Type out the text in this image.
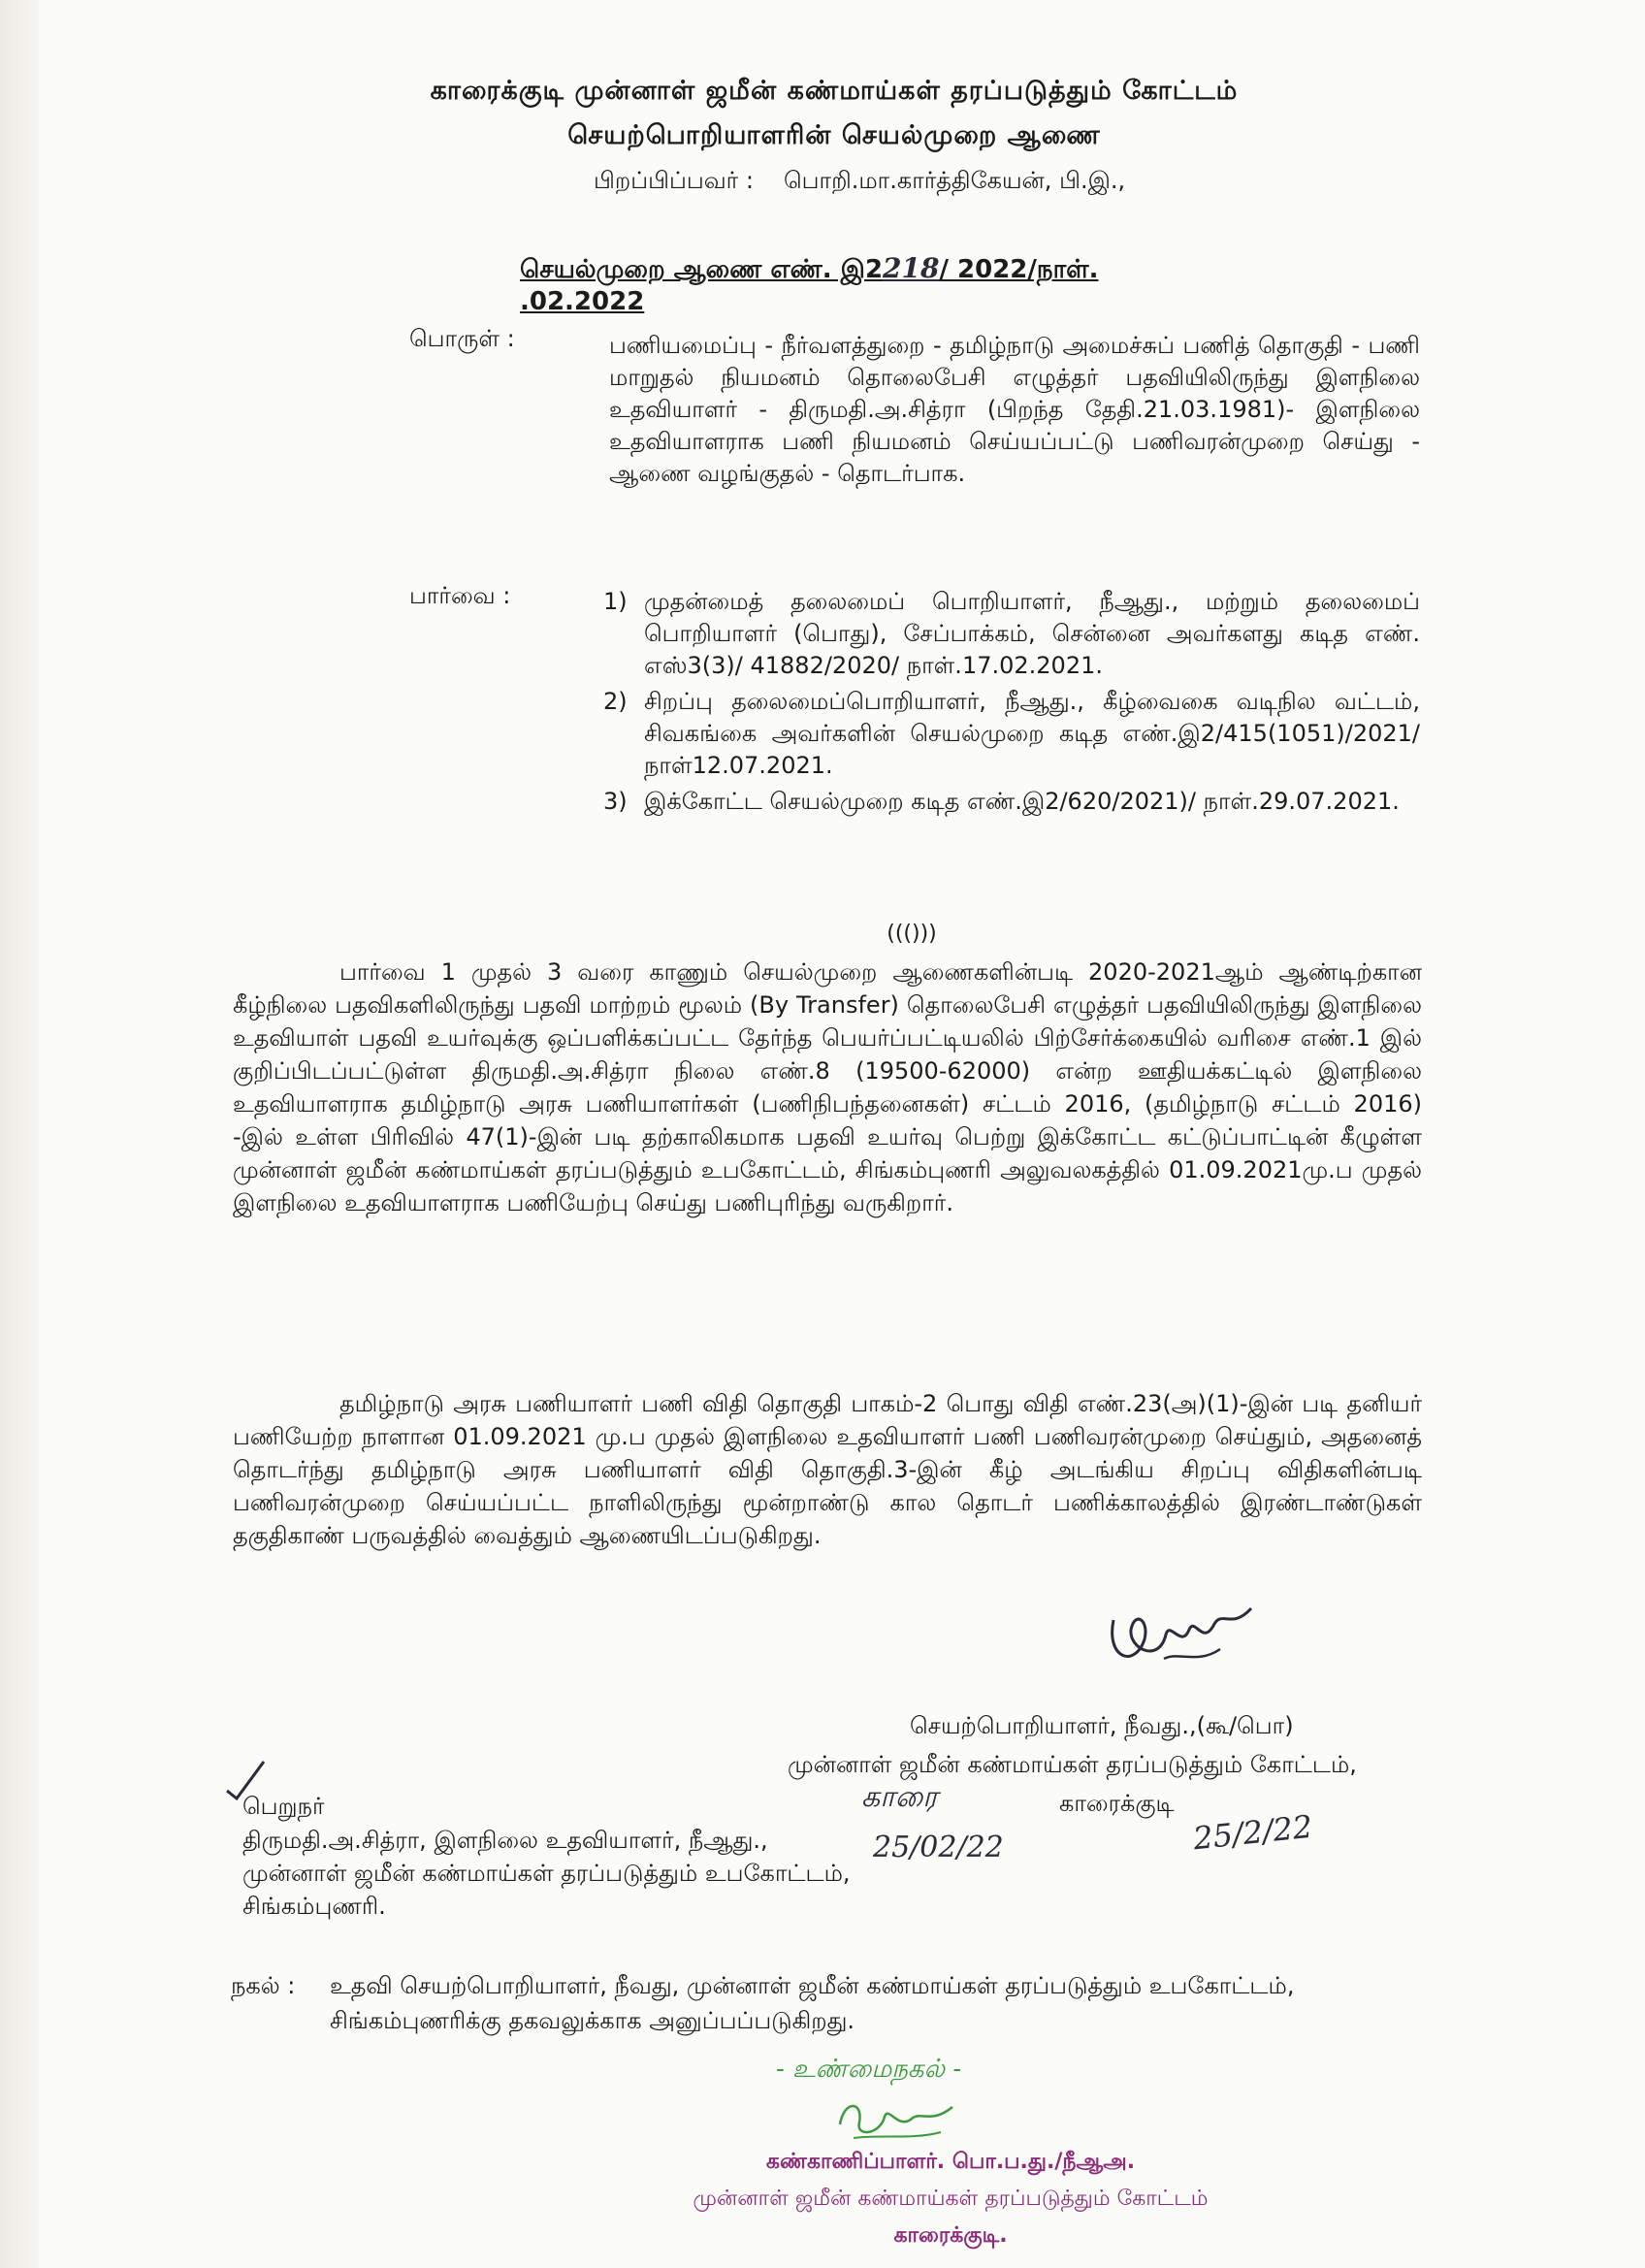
காரைக்குடி முன்னாள் ஜமீன் கண்மாய்கள் தரப்படுத்தும் கோட்டம்
செயற்பொறியாளரின் செயல்முறை ஆணை
பிறப்பிப்பவர் : பொறி.மா.கார்த்திகேயன், பி.இ.,
செயல்முறை ஆணை எண். இ2218/ 2022/நாள்.  .02.2022
பொருள் :	பணியமைப்பு - நீர்வளத்துறை - தமிழ்நாடு அமைச்சுப் பணித் தொகுதி - பணி மாறுதல் நியமனம் தொலைபேசி எழுத்தர் பதவியிலிருந்து இளநிலை உதவியாளர் - திருமதி.அ.சித்ரா (பிறந்த தேதி.21.03.1981)- இளநிலை உதவியாளராக பணி நியமனம் செய்யப்பட்டு பணிவரன்முறை செய்து - ஆணை வழங்குதல் - தொடர்பாக.
பார்வை :	1) முதன்மைத் தலைமைப் பொறியாளர், நீஆது., மற்றும் தலைமைப் பொறியாளர் (பொது), சேப்பாக்கம், சென்னை அவர்களது கடித எண். எஸ்3(3)/ 41882/2020/ நாள்.17.02.2021.
2) சிறப்பு தலைமைப்பொறியாளர், நீஆது., கீழ்வைகை வடிநில வட்டம், சிவகங்கை அவர்களின் செயல்முறை கடித எண்.இ2/415(1051)/2021/நாள்12.07.2021.
3) இக்கோட்ட செயல்முறை கடித எண்.இ2/620/2021)/ நாள்.29.07.2021.
((()))
பார்வை 1 முதல் 3 வரை காணும் செயல்முறை ஆணைகளின்படி 2020-2021ஆம் ஆண்டிற்கான கீழ்நிலை பதவிகளிலிருந்து பதவி மாற்றம் மூலம் (By Transfer) தொலைபேசி எழுத்தர் பதவியிலிருந்து இளநிலை உதவியாள் பதவி உயர்வுக்கு ஒப்பளிக்கப்பட்ட தேர்ந்த பெயர்ப்பட்டியலில் பிற்சேர்க்கையில் வரிசை எண்.1 இல் குறிப்பிடப்பட்டுள்ள திருமதி.அ.சித்ரா நிலை எண்.8 (19500-62000) என்ற ஊதியக்கட்டில் இளநிலை உதவியாளராக தமிழ்நாடு அரசு பணியாளர்கள் (பணிநிபந்தனைகள்) சட்டம் 2016, (தமிழ்நாடு சட்டம் 2016) -இல் உள்ள பிரிவில் 47(1)-இன் படி தற்காலிகமாக பதவி உயர்வு பெற்று இக்கோட்ட கட்டுப்பாட்டின் கீழுள்ள முன்னாள் ஜமீன் கண்மாய்கள் தரப்படுத்தும் உபகோட்டம், சிங்கம்புணரி அலுவலகத்தில் 01.09.2021மு.ப முதல் இளநிலை உதவியாளராக பணியேற்பு செய்து பணிபுரிந்து வருகிறார்.
தமிழ்நாடு அரசு பணியாளர் பணி விதி தொகுதி பாகம்-2 பொது விதி எண்.23(அ)(1)-இன் படி தனியர் பணியேற்ற நாளான 01.09.2021 மு.ப முதல் இளநிலை உதவியாளர் பணி பணிவரன்முறை செய்தும், அதனைத் தொடர்ந்து தமிழ்நாடு அரசு பணியாளர் விதி தொகுதி.3-இன் கீழ் அடங்கிய சிறப்பு விதிகளின்படி பணிவரன்முறை செய்யப்பட்ட நாளிலிருந்து மூன்றாண்டு கால தொடர் பணிக்காலத்தில் இரண்டாண்டுகள் தகுதிகாண் பருவத்தில் வைத்தும் ஆணையிடப்படுகிறது.
செயற்பொறியாளர், நீவது.,(கூ/பொ)
முன்னாள் ஜமீன் கண்மாய்கள் தரப்படுத்தும் கோட்டம்,
காரை	காரைக்குடி
25/02/22	25/2/22
பெறுநர்
திருமதி.அ.சித்ரா, இளநிலை உதவியாளர், நீஆது.,
முன்னாள் ஜமீன் கண்மாய்கள் தரப்படுத்தும் உபகோட்டம்,
சிங்கம்புணரி.
நகல் : உதவி செயற்பொறியாளர், நீவது, முன்னாள் ஜமீன் கண்மாய்கள் தரப்படுத்தும் உபகோட்டம்,
சிங்கம்புணரிக்கு தகவலுக்காக அனுப்பப்படுகிறது.
- உண்மைநகல் -
கண்காணிப்பாளர். பொ.ப.து./நீஆஅ.
முன்னாள் ஜமீன் கண்மாய்கள் தரப்படுத்தும் கோட்டம்
காரைக்குடி.
